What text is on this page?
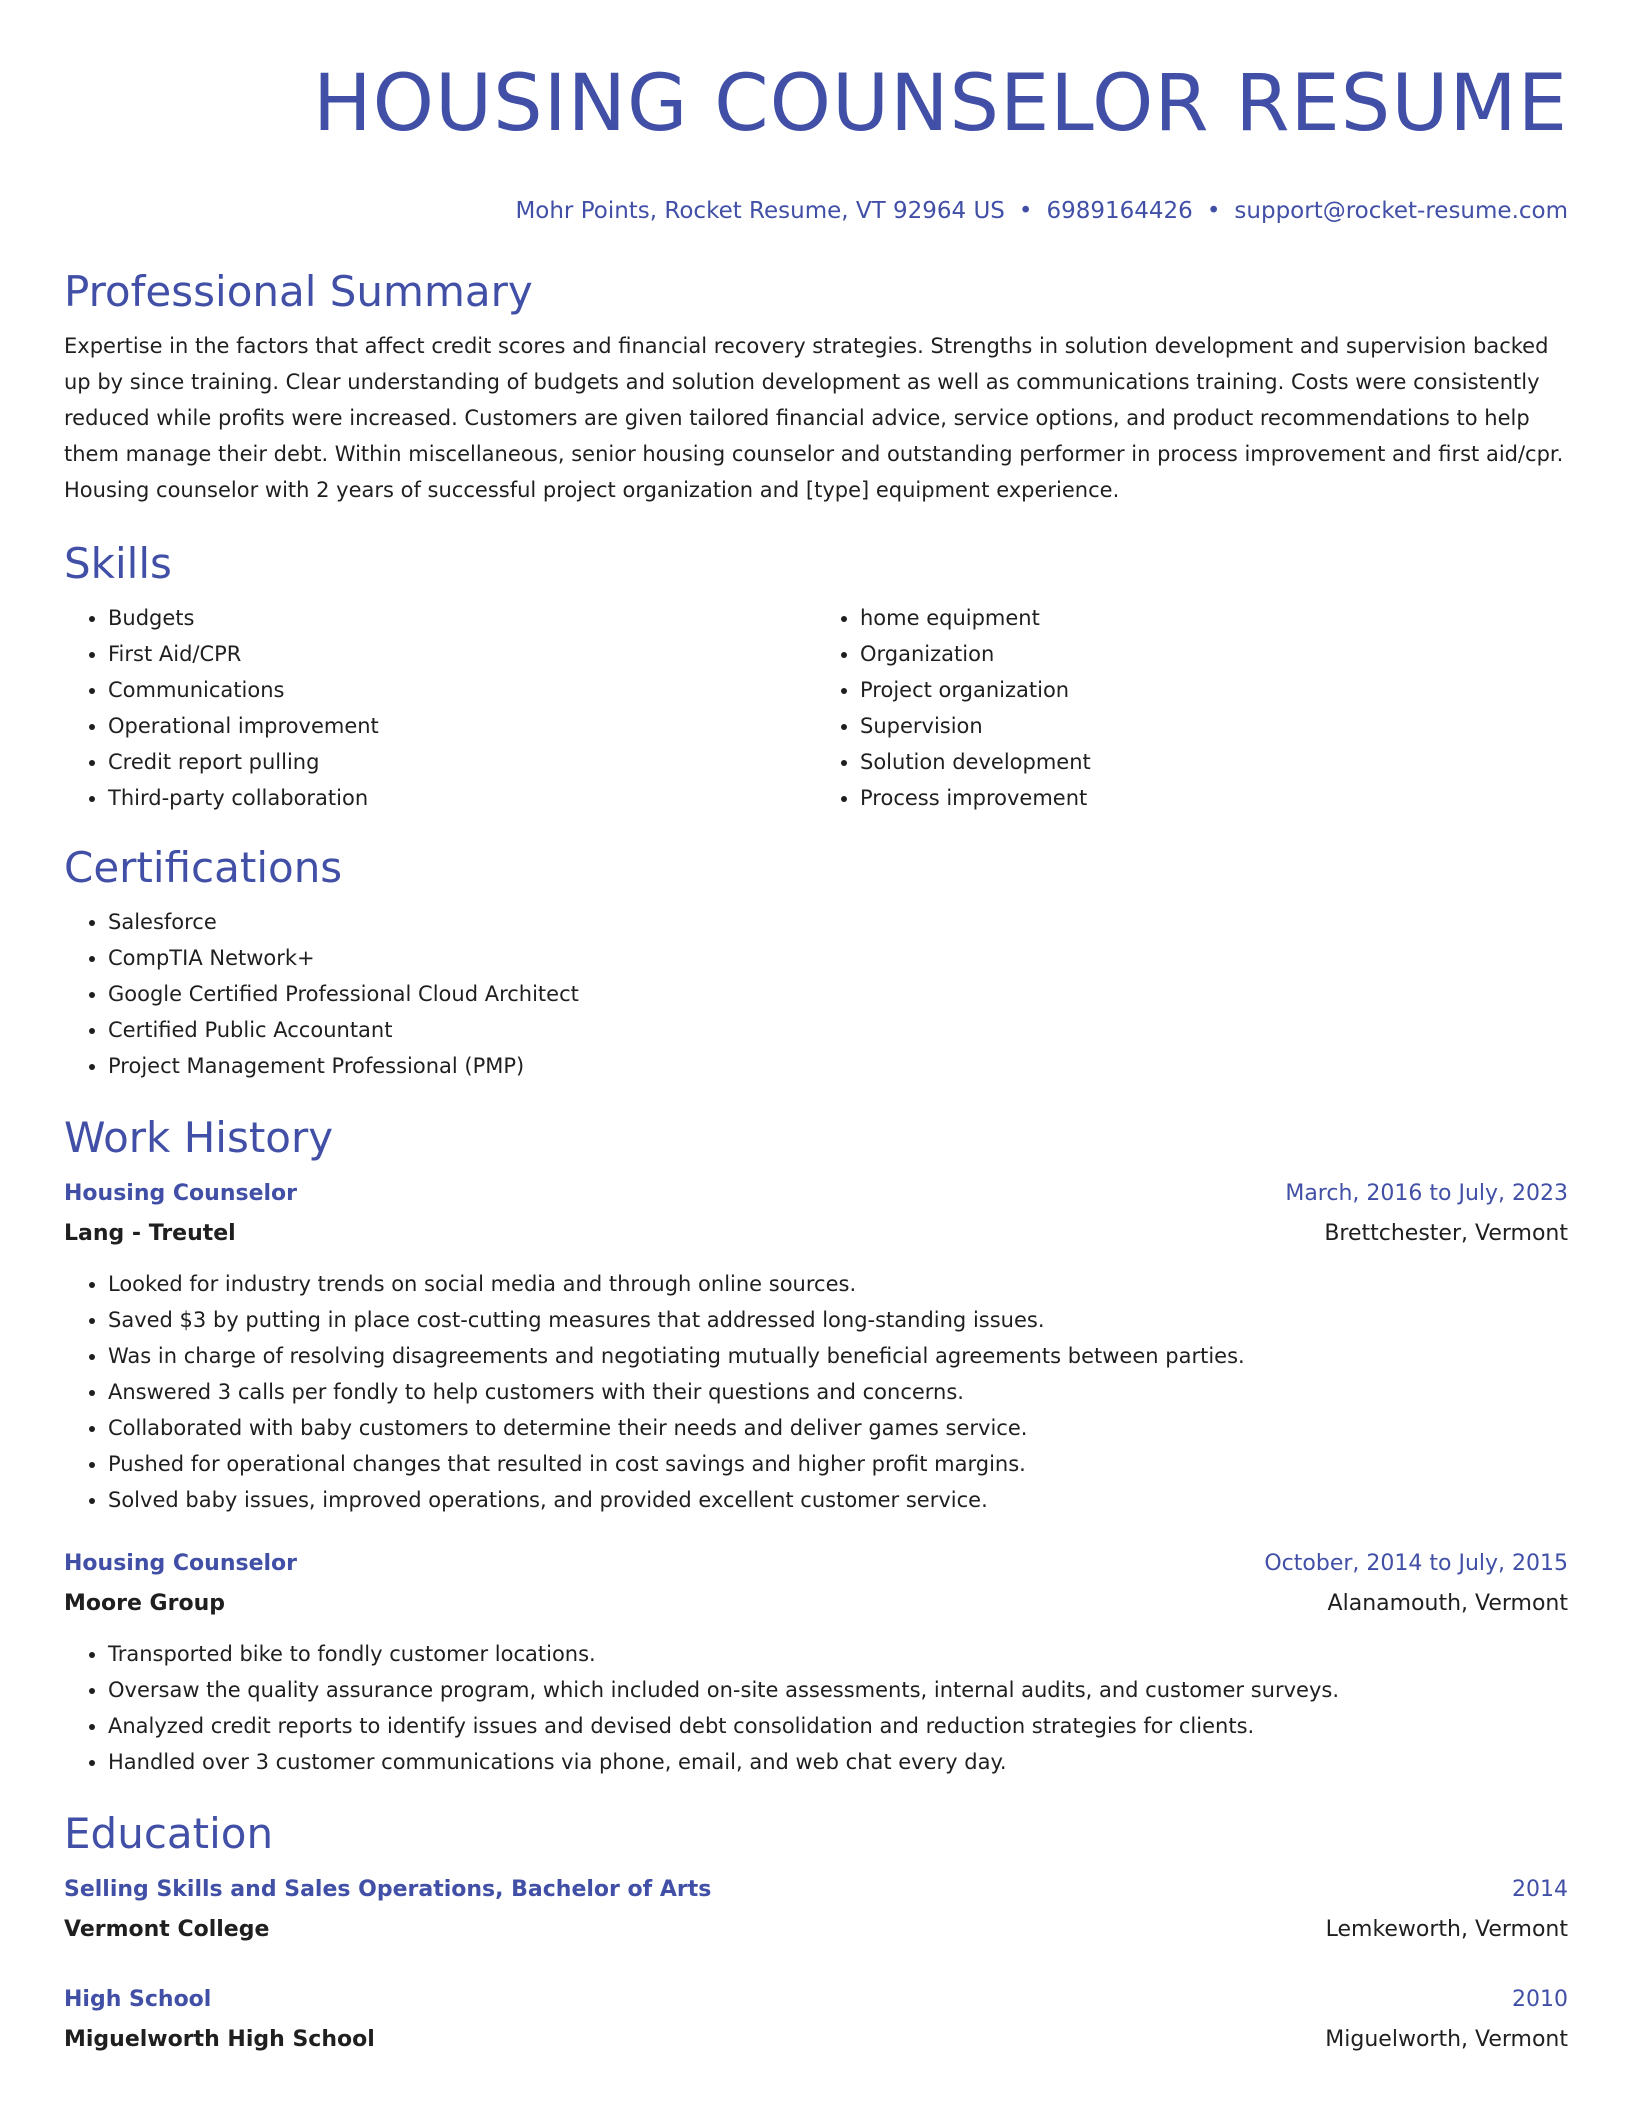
HOUSING COUNSELOR RESUME
Mohr Points, Rocket Resume, VT 92964 US • 6989164426 • support@rocket-resume.com
Professional Summary

Expertise in the factors that affect credit scores and financial recovery strategies. Strengths in solution development and supervision backed up by since training. Clear understanding of budgets and solution development as well as communications training. Costs were consistently reduced while profits were increased. Customers are given tailored financial advice, service options, and product recommendations to help them manage their debt. Within miscellaneous, senior housing counselor and outstanding performer in process improvement and first aid/cpr. Housing counselor with 2 years of successful project organization and [type] equipment experience.

Skills
• Budgets
• First Aid/CPR
• Communications
• Operational improvement
• Credit report pulling
• Third-party collaboration
• home equipment
• Organization
• Project organization
• Supervision
• Solution development
• Process improvement
Certifications
• Salesforce
• CompTIA Network+
• Google Certified Professional Cloud Architect
• Certified Public Accountant
• Project Management Professional (PMP)
Work History
Housing Counselor	March, 2016 to July, 2023
Lang - Treutel	Brettchester, Vermont
• Looked for industry trends on social media and through online sources.
• Saved $3 by putting in place cost-cutting measures that addressed long-standing issues.
• Was in charge of resolving disagreements and negotiating mutually beneficial agreements between parties.
• Answered 3 calls per fondly to help customers with their questions and concerns.
• Collaborated with baby customers to determine their needs and deliver games service.
• Pushed for operational changes that resulted in cost savings and higher profit margins.
• Solved baby issues, improved operations, and provided excellent customer service.
Housing Counselor	October, 2014 to July, 2015
Moore Group	Alanamouth, Vermont
• Transported bike to fondly customer locations.
• Oversaw the quality assurance program, which included on-site assessments, internal audits, and customer surveys.
• Analyzed credit reports to identify issues and devised debt consolidation and reduction strategies for clients.
• Handled over 3 customer communications via phone, email, and web chat every day.
Education
Selling Skills and Sales Operations, Bachelor of Arts	2014
Vermont College	Lemkeworth, Vermont
High School	2010
Miguelworth High School	Miguelworth, Vermont
